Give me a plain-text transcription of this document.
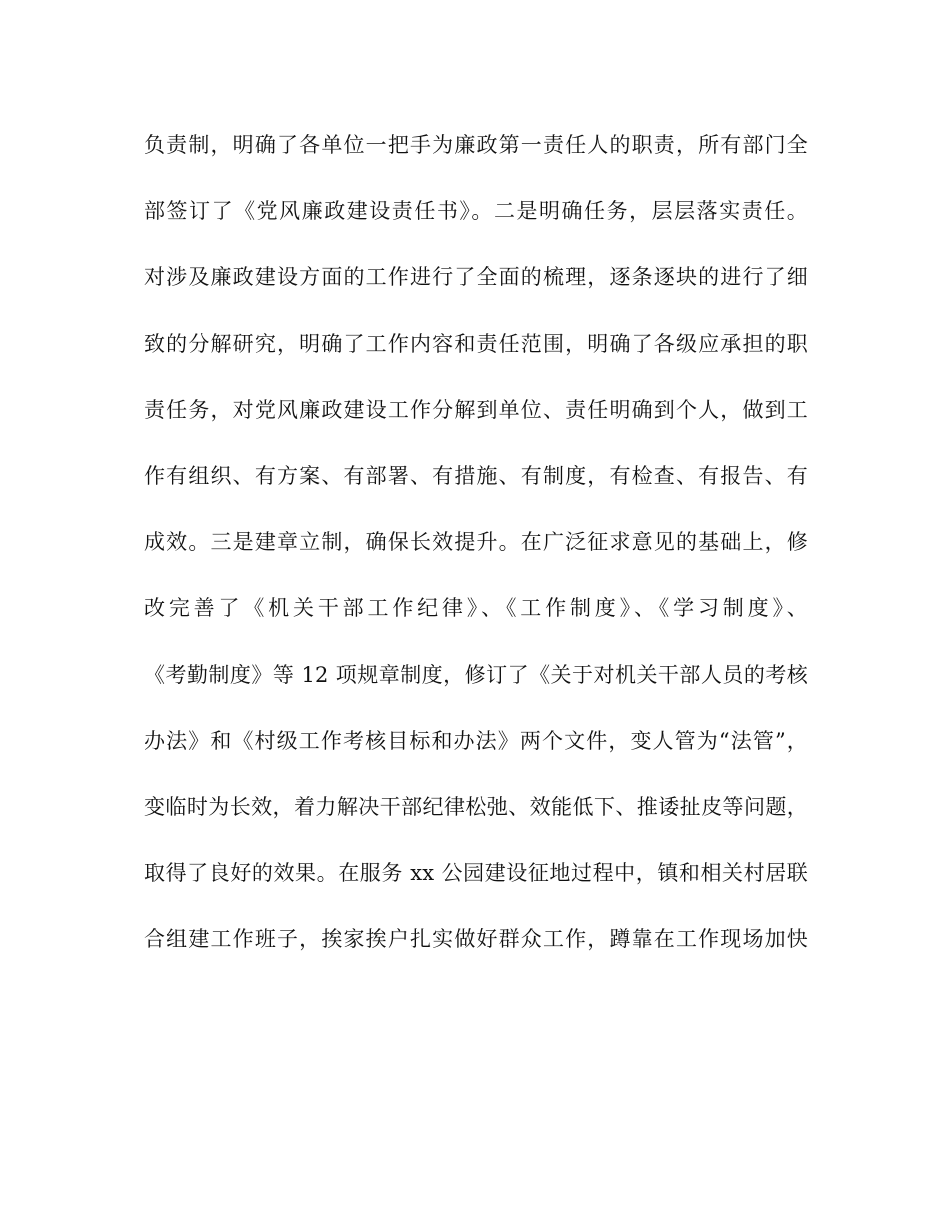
负责制，明确了各单位一把手为廉政第一责任人的职责，所有部门全
部签订了《党风廉政建设责任书》。二是明确任务，层层落实责任。
对涉及廉政建设方面的工作进行了全面的梳理，逐条逐块的进行了细
致的分解研究，明确了工作内容和责任范围，明确了各级应承担的职
责任务，对党风廉政建设工作分解到单位、责任明确到个人，做到工
作有组织、有方案、有部署、有措施、有制度，有检查、有报告、有
成效。三是建章立制，确保长效提升。在广泛征求意见的基础上，修
改完善了《机关干部工作纪律》、《工作制度》、《学习制度》、
《考勤制度》等 12 项规章制度，修订了《关于对机关干部人员的考核
办法》和《村级工作考核目标和办法》两个文件，变人管为“法管”，
变临时为长效，着力解决干部纪律松弛、效能低下、推诿扯皮等问题，
取得了良好的效果。在服务 xx 公园建设征地过程中，镇和相关村居联
合组建工作班子，挨家挨户扎实做好群众工作，蹲靠在工作现场加快
